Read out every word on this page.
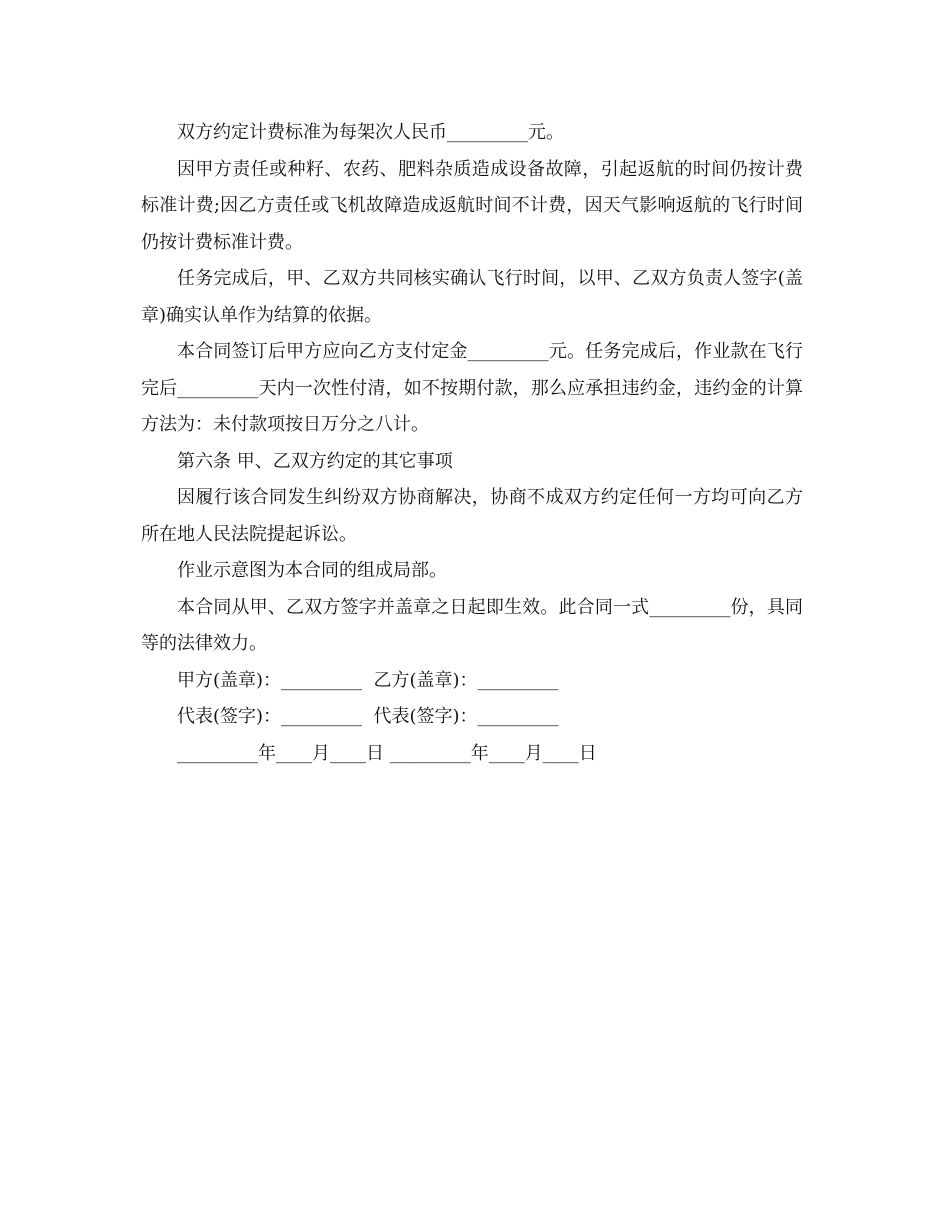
双方约定计费标准为每架次人民币_________元。

因甲方责任或种籽、农药、肥料杂质造成设备故障，引起返航的时间仍按计费标准计费;因乙方责任或飞机故障造成返航时间不计费，因天气影响返航的飞行时间仍按计费标准计费。

任务完成后，甲、乙双方共同核实确认飞行时间，以甲、乙双方负责人签字(盖章)确实认单作为结算的依据。

本合同签订后甲方应向乙方支付定金_________元。任务完成后，作业款在飞行完后_________天内一次性付清，如不按期付款，那么应承担违约金，违约金的计算方法为：未付款项按日万分之八计。

第六条 甲、乙双方约定的其它事项

因履行该合同发生纠纷双方协商解决，协商不成双方约定任何一方均可向乙方所在地人民法院提起诉讼。

作业示意图为本合同的组成局部。

本合同从甲、乙双方签字并盖章之日起即生效。此合同一式_________份，具同等的法律效力。

甲方(盖章)：_________  乙方(盖章)：_________

代表(签字)：_________  代表(签字)：_________

_________年____月____日 _________年____月____日
